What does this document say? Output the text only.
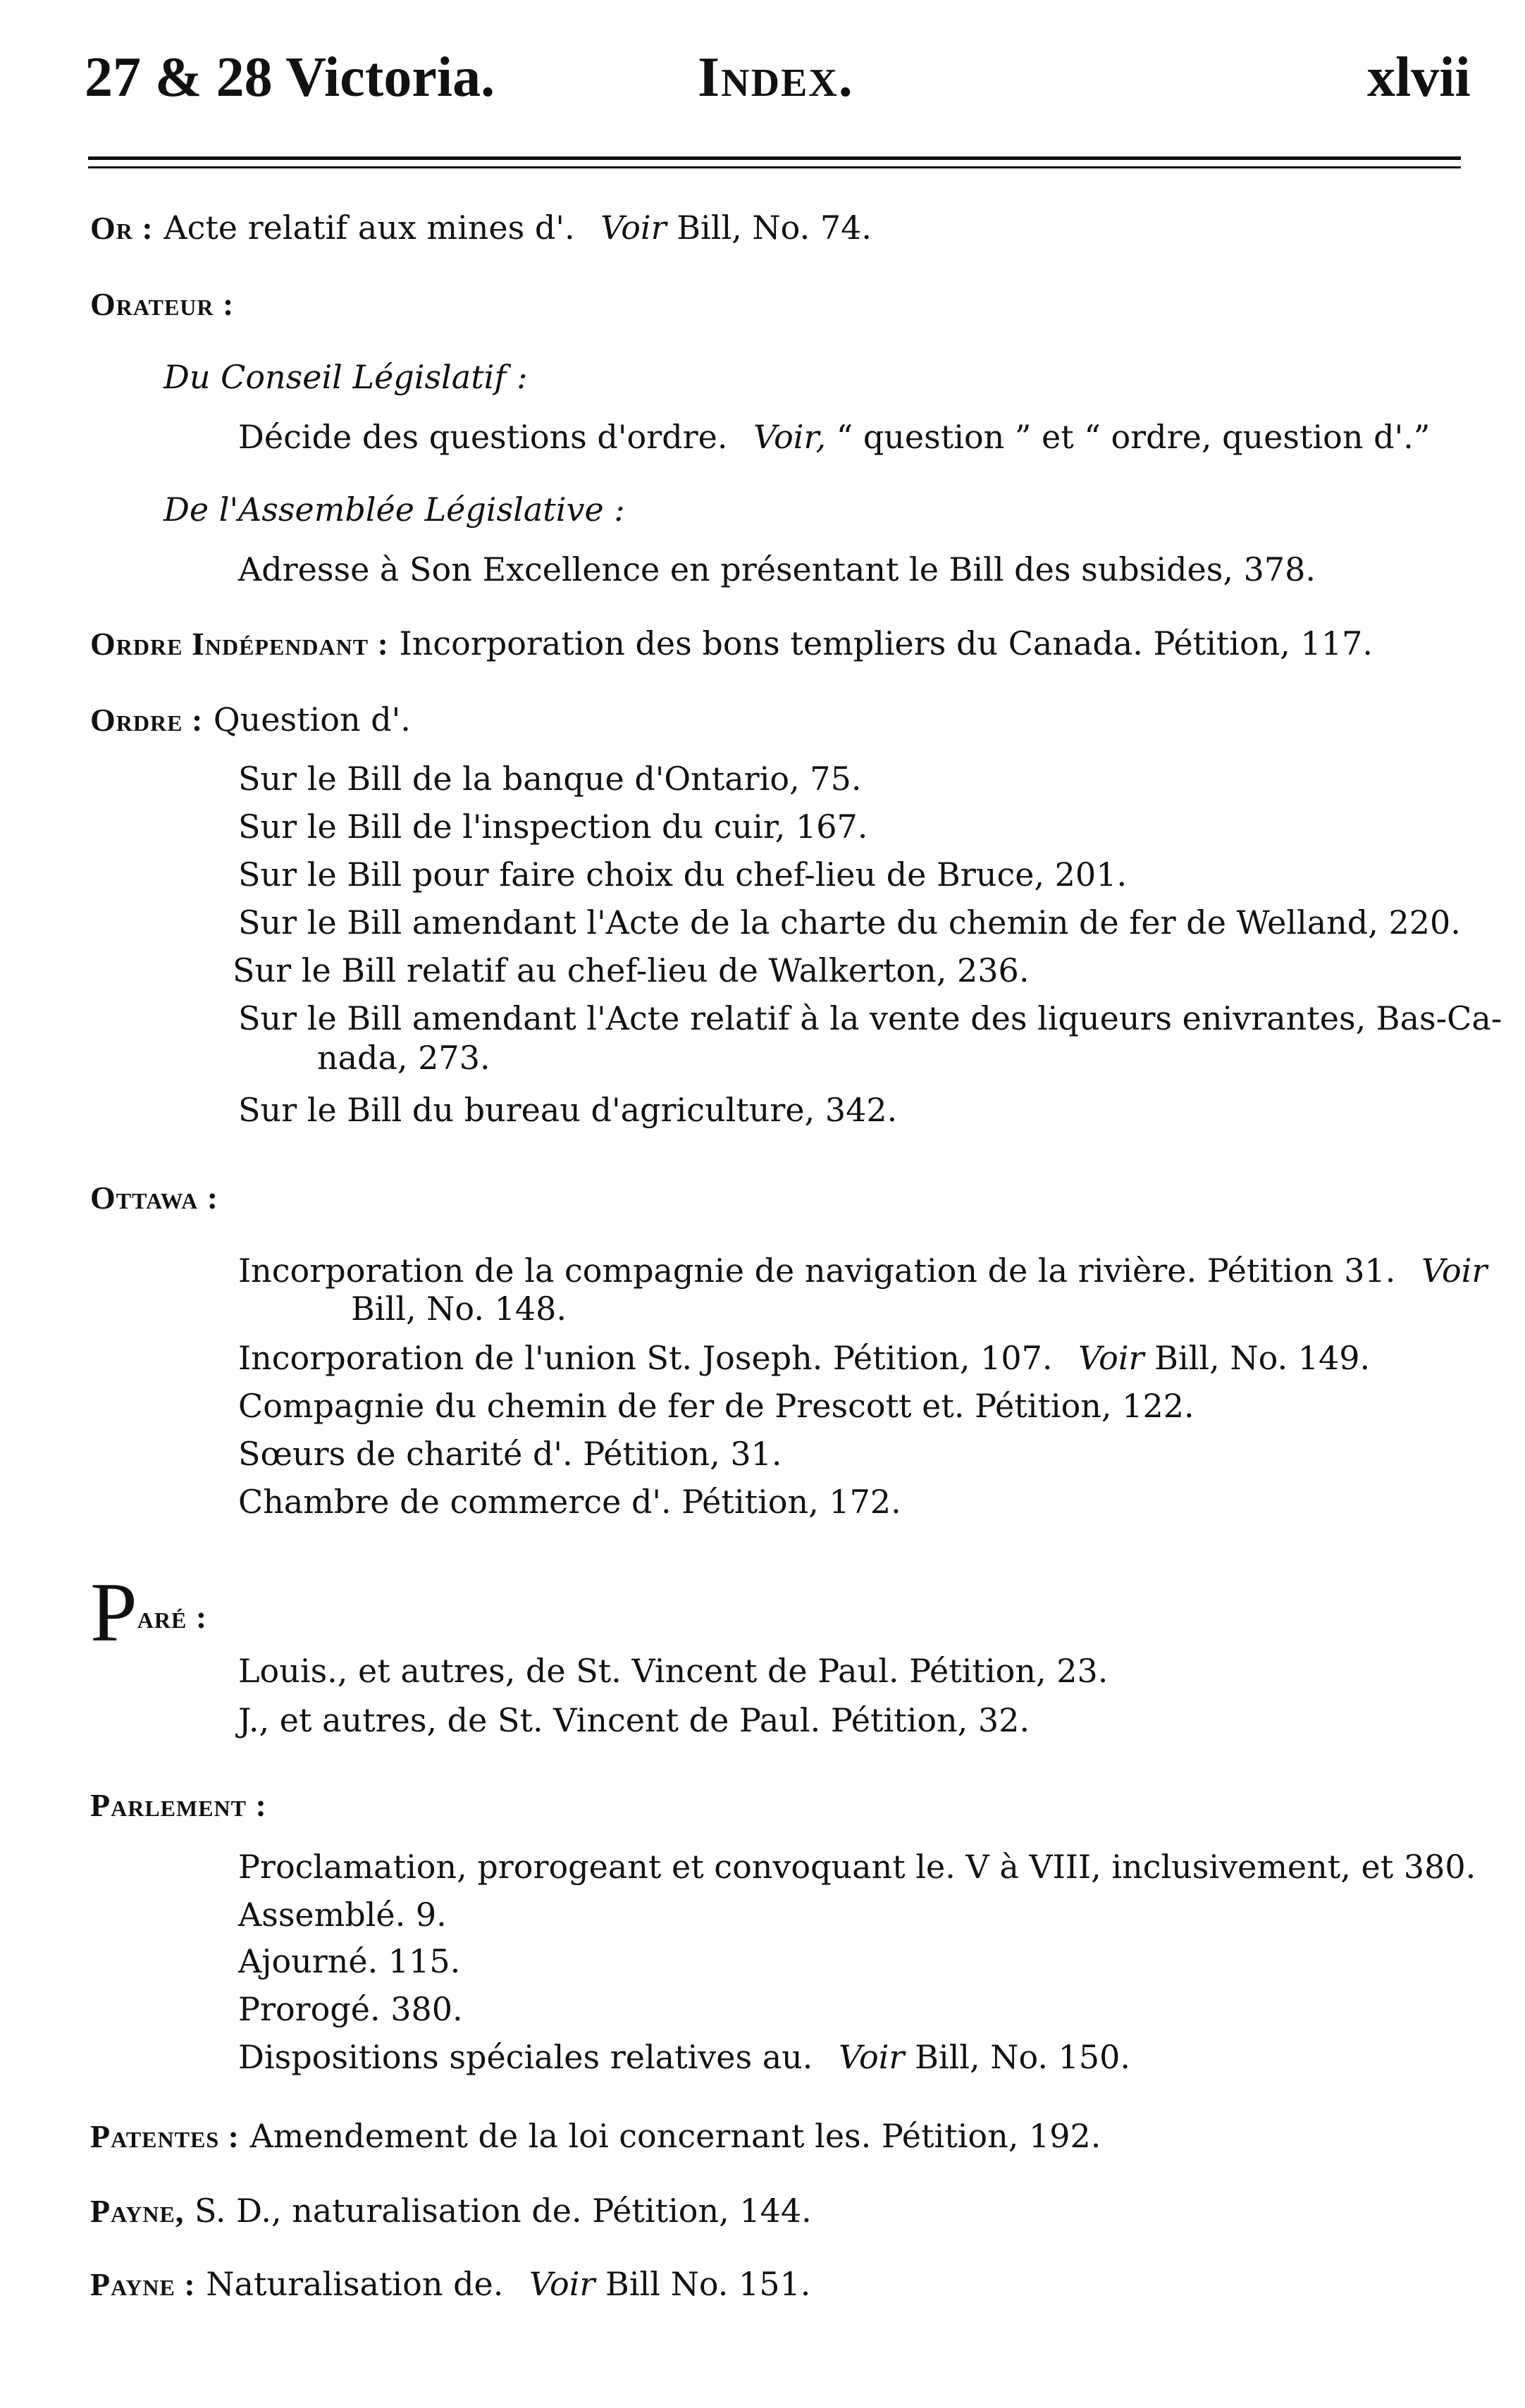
27 & 28 Victoria.	Index.	xlvii
Or : Acte relatif aux mines d'. Voir Bill, No. 74.
Orateur :
Du Conseil Législatif :
Décide des questions d'ordre. Voir, “ question ” et “ ordre, question d'.”
De l'Assemblée Législative :
Adresse à Son Excellence en présentant le Bill des subsides, 378.
Ordre Indépendant : Incorporation des bons templiers du Canada. Pétition, 117.
Ordre : Question d'.
Sur le Bill de la banque d'Ontario, 75.
Sur le Bill de l'inspection du cuir, 167.
Sur le Bill pour faire choix du chef-lieu de Bruce, 201.
Sur le Bill amendant l'Acte de la charte du chemin de fer de Welland, 220.
Sur le Bill relatif au chef-lieu de Walkerton, 236.
Sur le Bill amendant l'Acte relatif à la vente des liqueurs enivrantes, Bas-Ca-
nada, 273.
Sur le Bill du bureau d'agriculture, 342.
Ottawa :
Incorporation de la compagnie de navigation de la rivière. Pétition 31. Voir
Bill, No. 148.
Incorporation de l'union St. Joseph. Pétition, 107. Voir Bill, No. 149.
Compagnie du chemin de fer de Prescott et. Pétition, 122.
Sœurs de charité d'. Pétition, 31.
Chambre de commerce d'. Pétition, 172.
Paré :
Louis., et autres, de St. Vincent de Paul. Pétition, 23.
J., et autres, de St. Vincent de Paul. Pétition, 32.
Parlement :
Proclamation, prorogeant et convoquant le. V à VIII, inclusivement, et 380.
Assemblé. 9.
Ajourné. 115.
Prorogé. 380.
Dispositions spéciales relatives au. Voir Bill, No. 150.
Patentes : Amendement de la loi concernant les. Pétition, 192.
Payne, S. D., naturalisation de. Pétition, 144.
Payne : Naturalisation de. Voir Bill No. 151.
